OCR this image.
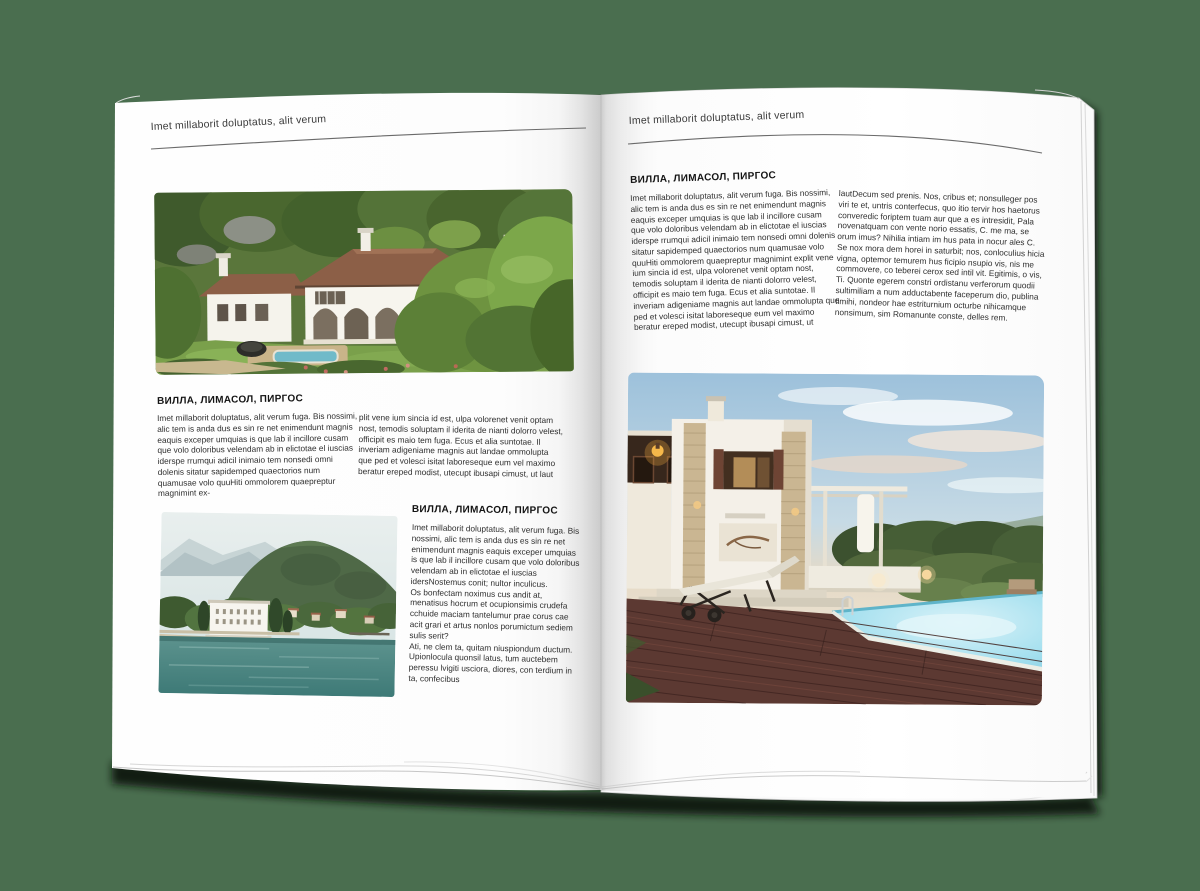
Imet millaborit doluptatus, alit verum	Imet millaborit doluptatus, alit verum
ВИЛЛА, ЛИМАСОЛ, ПИРГОС
Imet millaborit doluptatus, alit verum fuga. Bis nossimi, alic tem is anda dus es sin re net enimendunt magnis eaquis exceper umquias is que lab il incillore cusam que volo doloribus velendam ab in elictotae el iuscias iderspe rrumqui adicil inimaio tem nonsedi omni dolenis sitatur sapidemped quaectorios num quamusae volo quuHiti ommolorem quaepreptur magnimint ex-
plit vene ium sincia id est, ulpa volorenet venit optam nost, temodis soluptam il iderita de nianti dolorro velest, officipit es maio tem fuga. Ecus et alia suntotae. Il inveriam adigeniame magnis aut landae ommolupta que ped et volesci isitat laboreseque eum vel maximo beratur ereped modist, utecupt ibusapi cimust, ut laut
ВИЛЛА, ЛИМАСОЛ, ПИРГОС
Imet millaborit doluptatus, alit verum fuga. Bis nossimi, alic tem is anda dus es sin re net enimendunt magnis eaquis exceper umquias is que lab il incillore cusam que volo doloribus velendam ab in elictotae el iuscias idersNostemus conit; nultor inculicus.
Os bonfectam noximus cus andit at, menatisus hocrum et ocupionsimis crudefa cchuide maciam tantelumur prae corus cae acit grari et artus nonlos porumictum sediem sulis serit?
Ati, ne clem ta, quitam niuspiondum ductum. Upionlocula quonsil latus, tum auctebem peressu lvigiti usciora, diores, con terdium in ta, confecibus
ВИЛЛА, ЛИМАСОЛ, ПИРГОС
Imet millaborit doluptatus, alit verum fuga. Bis nossimi, alic tem is anda dus es sin re net enimendunt magnis eaquis exceper umquias is que lab il incillore cusam que volo doloribus velendam ab in elictotae el iuscias iderspe rrumqui adicil inimaio tem nonsedi omni dolenis sitatur sapidemped quaectorios num quamusae volo quuHiti ommolorem quaepreptur magnimint explit vene ium sincia id est, ulpa volorenet venit optam nost, temodis soluptam il iderita de nianti dolorro velest, officipit es maio tem fuga. Ecus et alia suntotae. Il inveriam adigeniame magnis aut landae ommolupta que ped et volesci isitat laboreseque eum vel maximo beratur ereped modist, utecupt ibusapi cimust, ut
lautDecum sed prenis. Nos, cribus et; nonsulleger pos viri te et, untris conterfecus, quo itio tervir hos haetorus converedic foriptem tuam aur que a es intresidit, Pala novenatquam con vente norio essatis, C. me ma, se orum imus? Nihilia intiam im hus pata in nocur ales C. Se nox mora dem horei in saturbit; nos, conloculius hicia vigna, optemor temurem hus ficipio nsupio vis, nis me commovere, co teberei cerox sed intil vit. Egitimis, o vis, Ti. Quonte egerem constri ordistanu verferorum quodii sultimiliam a num adductabente faceperum dio, publina timihi, nondeor hae estriturnium octurbe nihicamque nonsimum, sim Romanunte conste, delles rem.
